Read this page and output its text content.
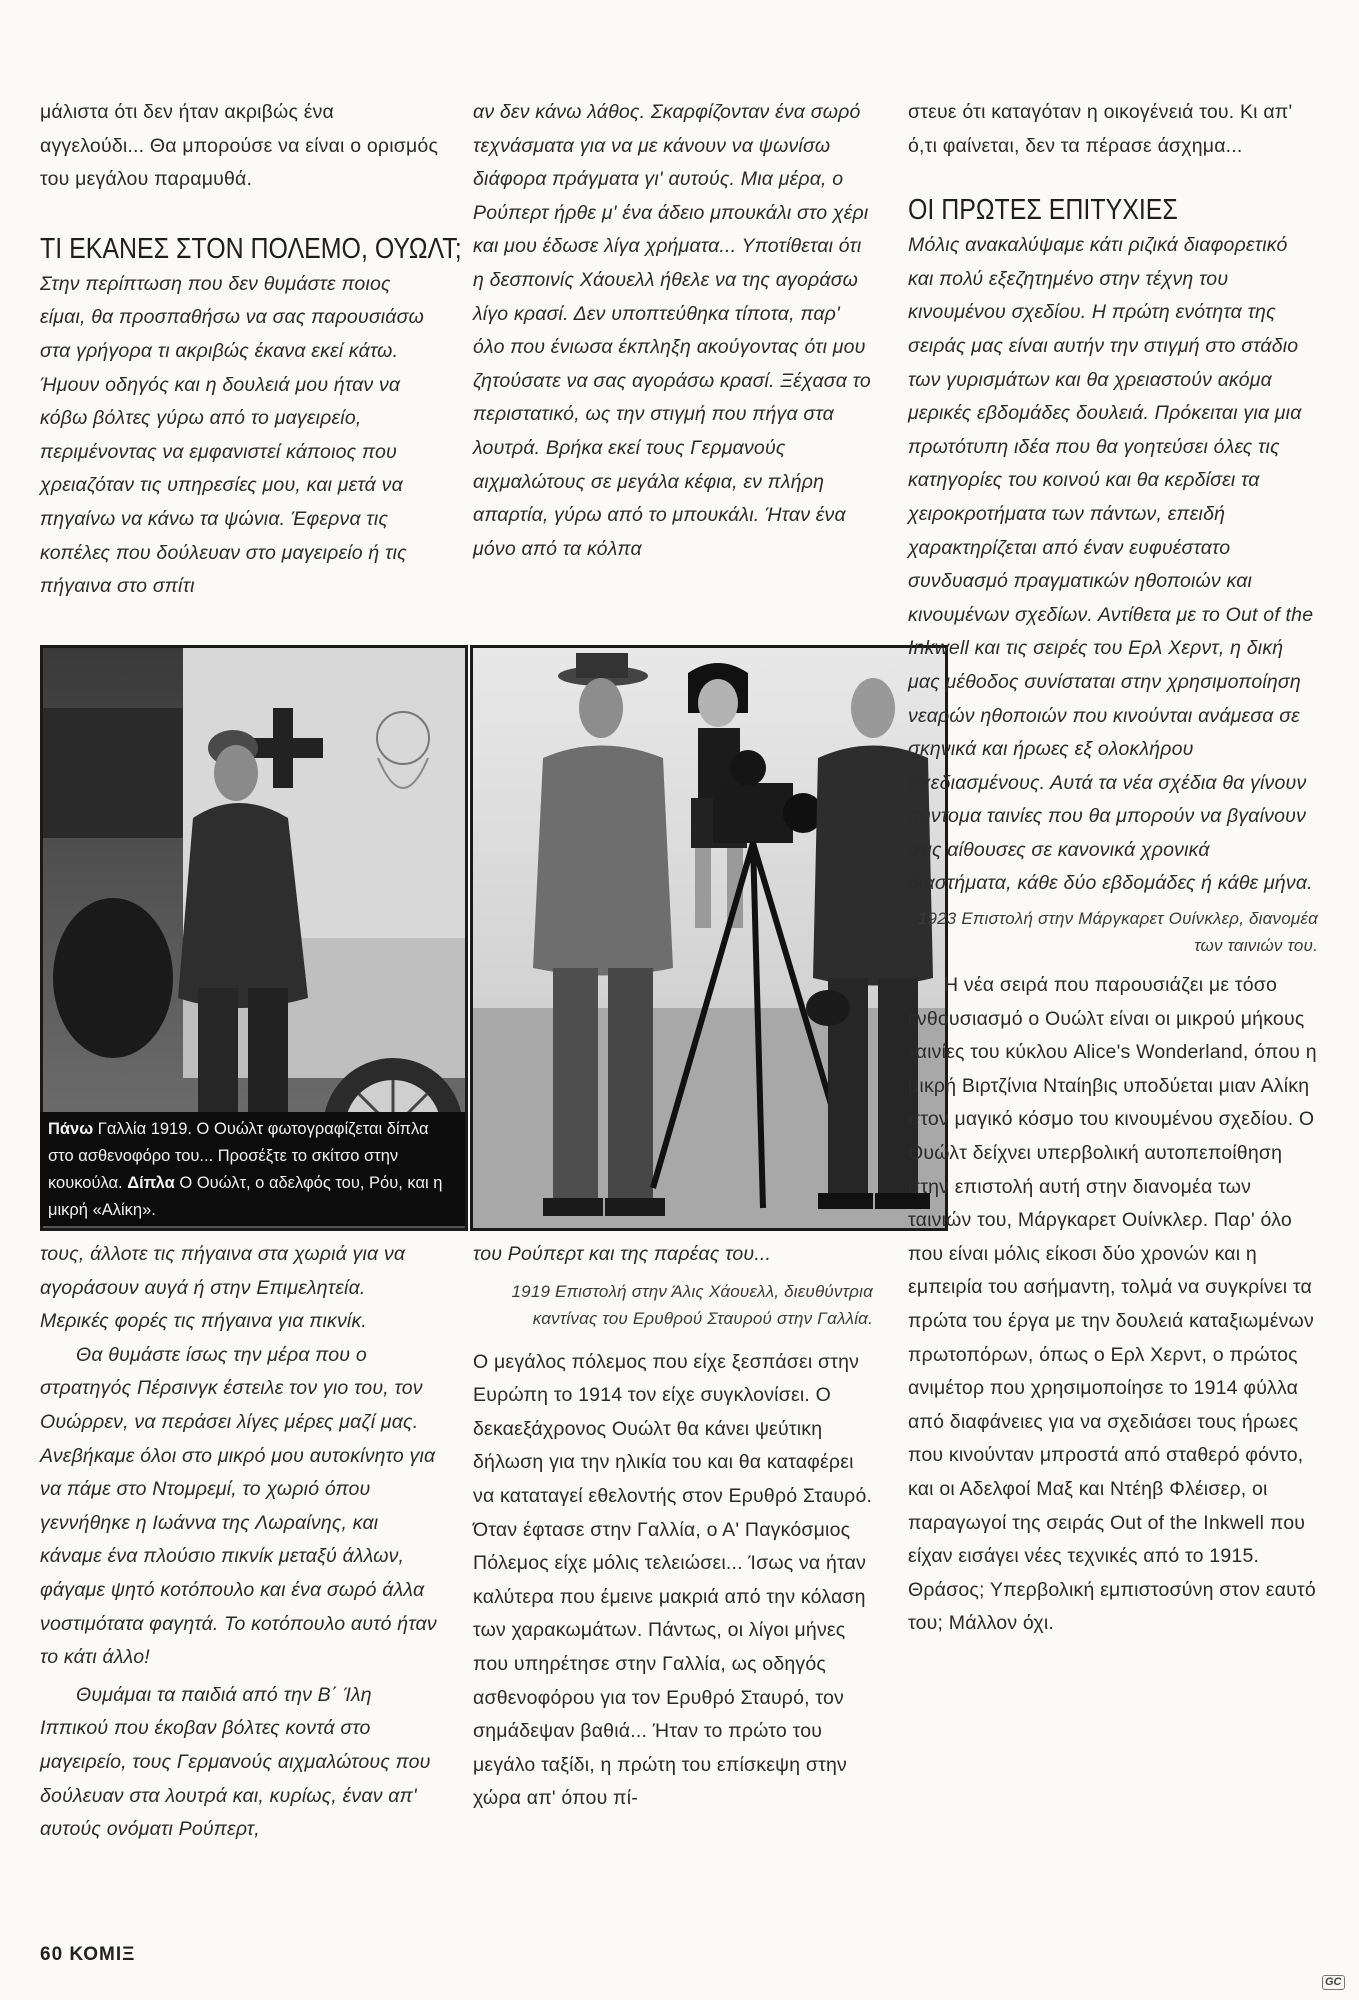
μάλιστα ότι δεν ήταν ακριβώς ένα αγγελούδι... Θα μπορούσε να είναι ο ορισμός του μεγάλου παραμυθά.

ΤΙ ΕΚΑΝΕΣ ΣΤΟΝ ΠΟΛΕΜΟ, ΟΥΩΛΤ;

Στην περίπτωση που δεν θυμάστε ποιος είμαι, θα προσπαθήσω να σας παρουσιάσω στα γρήγορα τι ακριβώς έκανα εκεί κάτω. Ήμουν οδηγός και η δουλειά μου ήταν να κόβω βόλτες γύρω από το μαγειρείο, περιμένοντας να εμφανιστεί κάποιος που χρειαζόταν τις υπηρεσίες μου, και μετά να πηγαίνω να κάνω τα ψώνια. Έφερνα τις κοπέλες που δούλευαν στο μαγειρείο ή τις πήγαινα στο σπίτι

Πάνω Γαλλία 1919. Ο Ουώλτ φωτογραφίζεται δίπλα στο ασθενοφόρο του... Προσέξτε το σκίτσο στην κουκούλα. Δίπλα Ο Ουώλτ, ο αδελφός του, Ρόυ, και η μικρή «Αλίκη».

τους, άλλοτε τις πήγαινα στα χωριά για να αγοράσουν αυγά ή στην Επιμελητεία. Μερικές φορές τις πήγαινα για πικνίκ.

Θα θυμάστε ίσως την μέρα που ο στρατηγός Πέρσινγκ έστειλε τον γιο του, τον Ουώρρεν, να περάσει λίγες μέρες μαζί μας. Ανεβήκαμε όλοι στο μικρό μου αυτοκίνητο για να πάμε στο Ντομρεμί, το χωριό όπου γεννήθηκε η Ιωάννα της Λωραίνης, και κάναμε ένα πλούσιο πικνίκ μεταξύ άλλων, φάγαμε ψητό κοτόπουλο και ένα σωρό άλλα νοστιμότατα φαγητά. Το κοτόπουλο αυτό ήταν το κάτι άλλο!

Θυμάμαι τα παιδιά από την Β΄ Ίλη Ιππικού που έκοβαν βόλτες κοντά στο μαγειρείο, τους Γερμανούς αιχμαλώτους που δούλευαν στα λουτρά και, κυρίως, έναν απ' αυτούς ονόματι Ρούπερτ,

αν δεν κάνω λάθος. Σκαρφίζονταν ένα σωρό τεχνάσματα για να με κάνουν να ψωνίσω διάφορα πράγματα γι' αυτούς. Μια μέρα, ο Ρούπερτ ήρθε μ' ένα άδειο μπουκάλι στο χέρι και μου έδωσε λίγα χρήματα... Υποτίθεται ότι η δεσποινίς Χάουελλ ήθελε να της αγοράσω λίγο κρασί. Δεν υποπτεύθηκα τίποτα, παρ' όλο που ένιωσα έκπληξη ακούγοντας ότι μου ζητούσατε να σας αγοράσω κρασί. Ξέχασα το περιστατικό, ως την στιγμή που πήγα στα λουτρά. Βρήκα εκεί τους Γερμανούς αιχμαλώτους σε μεγάλα κέφια, εν πλήρη απαρτία, γύρω από το μπουκάλι. Ήταν ένα μόνο από τα κόλπα

του Ρούπερτ και της παρέας του...

1919 Επιστολή στην Άλις Χάουελλ, διευθύντρια καντίνας του Ερυθρού Σταυρού στην Γαλλία.

Ο μεγάλος πόλεμος που είχε ξεσπάσει στην Ευρώπη το 1914 τον είχε συγκλονίσει. Ο δεκαεξάχρονος Ουώλτ θα κάνει ψεύτικη δήλωση για την ηλικία του και θα καταφέρει να καταταγεί εθελοντής στον Ερυθρό Σταυρό. Όταν έφτασε στην Γαλλία, ο Α' Παγκόσμιος Πόλεμος είχε μόλις τελειώσει... Ίσως να ήταν καλύτερα που έμεινε μακριά από την κόλαση των χαρακωμάτων. Πάντως, οι λίγοι μήνες που υπηρέτησε στην Γαλλία, ως οδηγός ασθενοφόρου για τον Ερυθρό Σταυρό, τον σημάδεψαν βαθιά... Ήταν το πρώτο του μεγάλο ταξίδι, η πρώτη του επίσκεψη στην χώρα απ' όπου πί-

στευε ότι καταγόταν η οικογένειά του. Κι απ' ό,τι φαίνεται, δεν τα πέρασε άσχημα...

ΟΙ ΠΡΩΤΕΣ ΕΠΙΤΥΧΙΕΣ

Μόλις ανακαλύψαμε κάτι ριζικά διαφορετικό και πολύ εξεζητημένο στην τέχνη του κινουμένου σχεδίου. Η πρώτη ενότητα της σειράς μας είναι αυτήν την στιγμή στο στάδιο των γυρισμάτων και θα χρειαστούν ακόμα μερικές εβδομάδες δουλειά. Πρόκειται για μια πρωτότυπη ιδέα που θα γοητεύσει όλες τις κατηγορίες του κοινού και θα κερδίσει τα χειροκροτήματα των πάντων, επειδή χαρακτηρίζεται από έναν ευφυέστατο συνδυασμό πραγματικών ηθοποιών και κινουμένων σχεδίων. Αντίθετα με το Out of the Inkwell και τις σειρές του Ερλ Χερντ, η δική μας μέθοδος συνίσταται στην χρησιμοποίηση νεαρών ηθοποιών που κινούνται ανάμεσα σε σκηνικά και ήρωες εξ ολοκλήρου σχεδιασμένους. Αυτά τα νέα σχέδια θα γίνουν σύντομα ταινίες που θα μπορούν να βγαίνουν στις αίθουσες σε κανονικά χρονικά διαστήματα, κάθε δύο εβδομάδες ή κάθε μήνα.

1923 Επιστολή στην Μάργκαρετ Ουίνκλερ, διανομέα των ταινιών του.

Η νέα σειρά που παρουσιάζει με τόσο ενθουσιασμό ο Ουώλτ είναι οι μικρού μήκους ταινίες του κύκλου Alice's Wonderland, όπου η μικρή Βιρτζίνια Νταίηβις υποδύεται μιαν Αλίκη στον μαγικό κόσμο του κινουμένου σχεδίου. Ο Ουώλτ δείχνει υπερβολική αυτοπεποίθηση στην επιστολή αυτή στην διανομέα των ταινιών του, Μάργκαρετ Ουίνκλερ. Παρ' όλο που είναι μόλις είκοσι δύο χρονών και η εμπειρία του ασήμαντη, τολμά να συγκρίνει τα πρώτα του έργα με την δουλειά καταξιωμένων πρωτοπόρων, όπως ο Ερλ Χερντ, ο πρώτος ανιμέτορ που χρησιμοποίησε το 1914 φύλλα από διαφάνειες για να σχεδιάσει τους ήρωες που κινούνταν μπροστά από σταθερό φόντο, και οι Αδελφοί Μαξ και Ντέηβ Φλέισερ, οι παραγωγοί της σειράς Out of the Inkwell που είχαν εισάγει νέες τεχνικές από το 1915. Θράσος; Υπερβολική εμπιστοσύνη στον εαυτό του; Μάλλον όχι.

60 ΚΟΜΙΞ
GC
